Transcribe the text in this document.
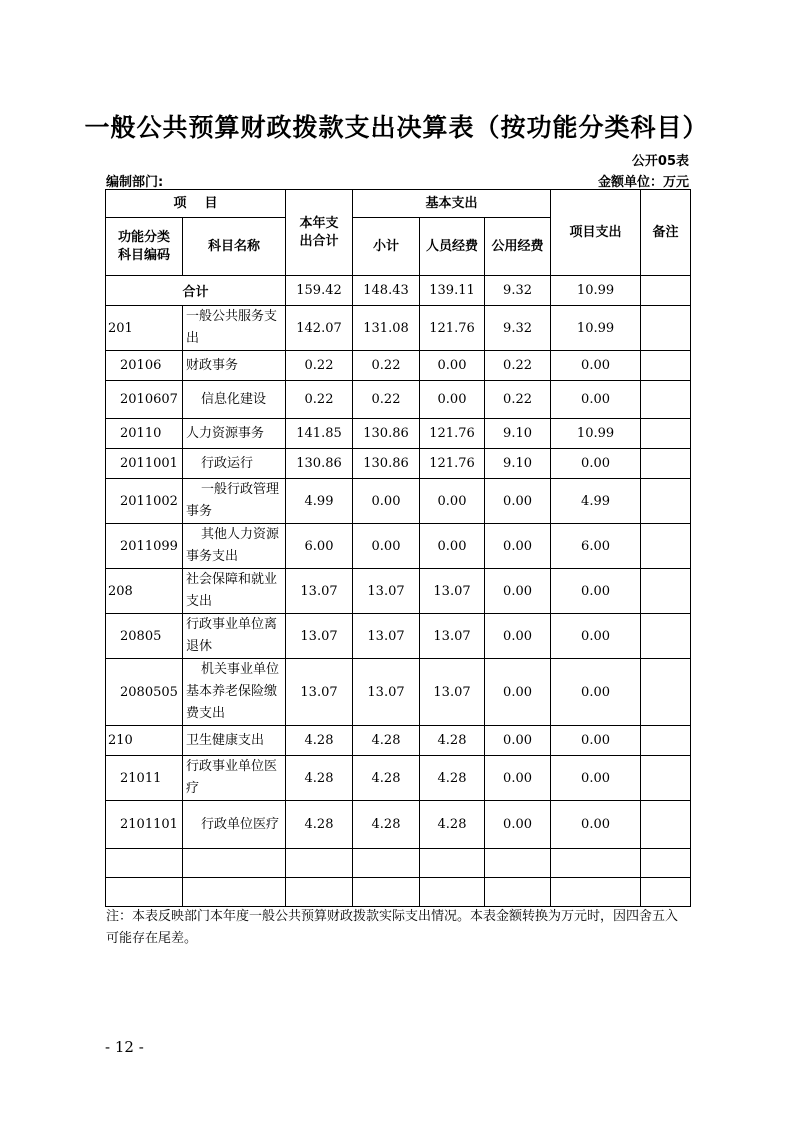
一般公共预算财政拨款支出决算表（按功能分类科目）
公开05表
编制部门:	金额单位：万元
项    目		本年支出合计	基本支出			项目支出	备注
功能分类科目编码	科目名称		小计	人员经费	公用经费		
合计		159.42	148.43	139.11	9.32	10.99	
201	一般公共服务支出	142.07	131.08	121.76	9.32	10.99	
20106	财政事务	0.22	0.22	0.00	0.22	0.00	
2010607	信息化建设	0.22	0.22	0.00	0.22	0.00	
20110	人力资源事务	141.85	130.86	121.76	9.10	10.99	
2011001	行政运行	130.86	130.86	121.76	9.10	0.00	
2011002	一般行政管理事务	4.99	0.00	0.00	0.00	4.99	
2011099	其他人力资源事务支出	6.00	0.00	0.00	0.00	6.00	
208	社会保障和就业支出	13.07	13.07	13.07	0.00	0.00	
20805	行政事业单位离退休	13.07	13.07	13.07	0.00	0.00	
2080505	机关事业单位基本养老保险缴费支出	13.07	13.07	13.07	0.00	0.00	
210	卫生健康支出	4.28	4.28	4.28	0.00	0.00	
21011	行政事业单位医疗	4.28	4.28	4.28	0.00	0.00	
2101101	行政单位医疗	4.28	4.28	4.28	0.00	0.00	

注：本表反映部门本年度一般公共预算财政拨款实际支出情况。本表金额转换为万元时，因四舍五入可能存在尾差。
- 12 -
